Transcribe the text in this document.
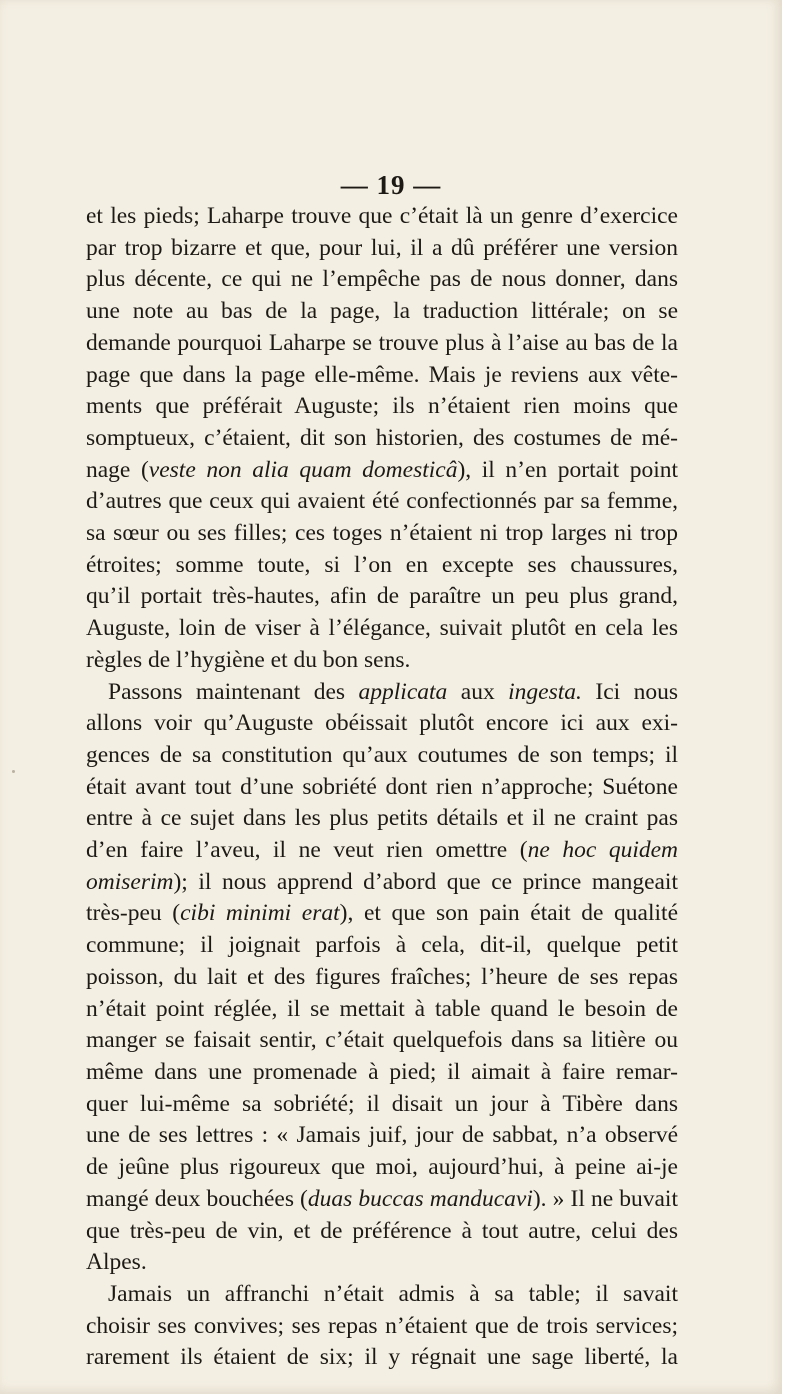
— 19 —
et les pieds; Laharpe trouve que c’était là un genre d’exercice
par trop bizarre et que, pour lui, il a dû préférer une version
plus décente, ce qui ne l’empêche pas de nous donner, dans
une note au bas de la page, la traduction littérale; on se
demande pourquoi Laharpe se trouve plus à l’aise au bas de la
page que dans la page elle-même. Mais je reviens aux vête-
ments que préférait Auguste; ils n’étaient rien moins que
somptueux, c’étaient, dit son historien, des costumes de mé-
nage (veste non alia quam domesticâ), il n’en portait point
d’autres que ceux qui avaient été confectionnés par sa femme,
sa sœur ou ses filles; ces toges n’étaient ni trop larges ni trop
étroites; somme toute, si l’on en excepte ses chaussures,
qu’il portait très-hautes, afin de paraître un peu plus grand,
Auguste, loin de viser à l’élégance, suivait plutôt en cela les
règles de l’hygiène et du bon sens.
Passons maintenant des applicata aux ingesta. Ici nous
allons voir qu’Auguste obéissait plutôt encore ici aux exi-
gences de sa constitution qu’aux coutumes de son temps; il
était avant tout d’une sobriété dont rien n’approche; Suétone
entre à ce sujet dans les plus petits détails et il ne craint pas
d’en faire l’aveu, il ne veut rien omettre (ne hoc quidem
omiserim); il nous apprend d’abord que ce prince mangeait
très-peu (cibi minimi erat), et que son pain était de qualité
commune; il joignait parfois à cela, dit-il, quelque petit
poisson, du lait et des figures fraîches; l’heure de ses repas
n’était point réglée, il se mettait à table quand le besoin de
manger se faisait sentir, c’était quelquefois dans sa litière ou
même dans une promenade à pied; il aimait à faire remar-
quer lui-même sa sobriété; il disait un jour à Tibère dans
une de ses lettres : « Jamais juif, jour de sabbat, n’a observé
de jeûne plus rigoureux que moi, aujourd’hui, à peine ai-je
mangé deux bouchées (duas buccas manducavi). » Il ne buvait
que très-peu de vin, et de préférence à tout autre, celui des
Alpes.
Jamais un affranchi n’était admis à sa table; il savait
choisir ses convives; ses repas n’étaient que de trois services;
rarement ils étaient de six; il y régnait une sage liberté, la
